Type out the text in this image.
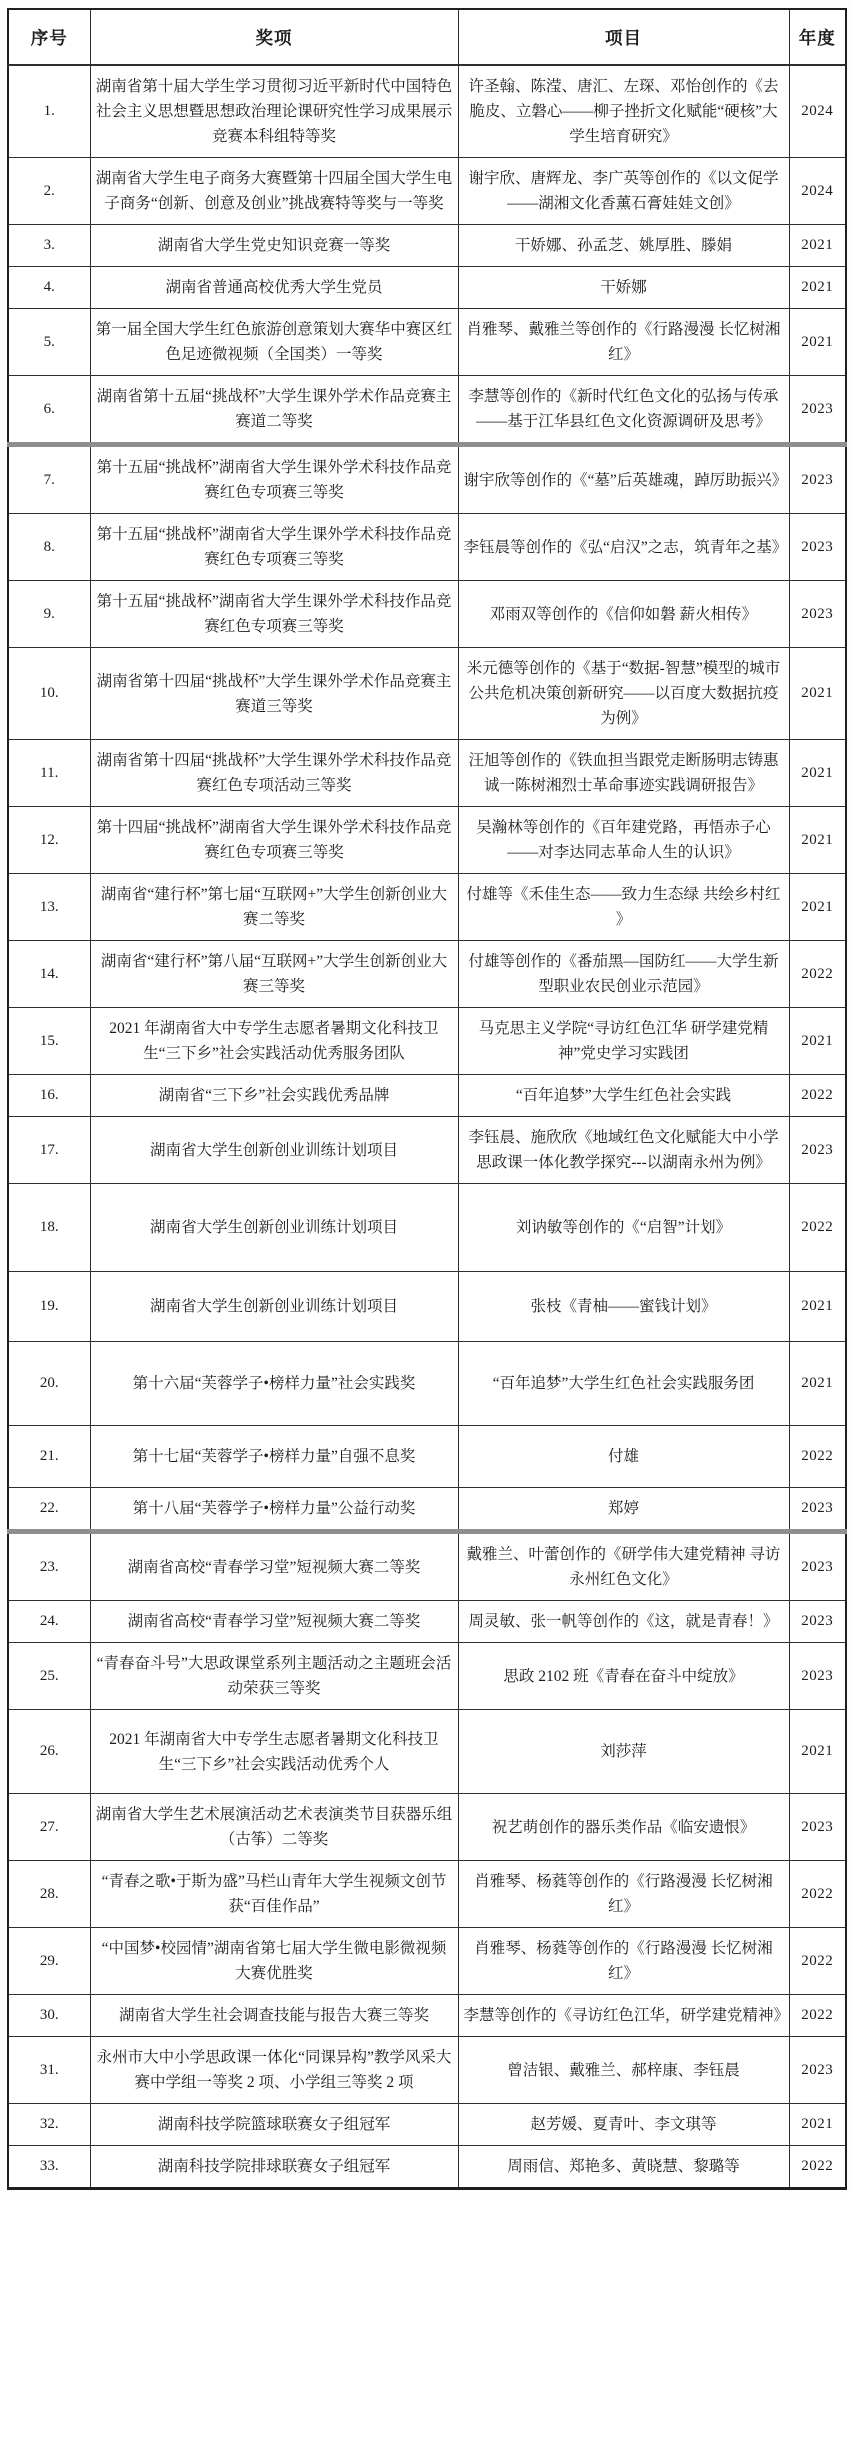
序号	奖项	项目	年度
1.	湖南省第十届大学生学习贯彻习近平新时代中国特色社会主义思想暨思想政治理论课研究性学习成果展示竞赛本科组特等奖	许圣翰、陈滢、唐汇、左琛、邓怡创作的《去脆皮、立磐心——柳子挫折文化赋能“硬核”大学生培育研究》	2024
2.	湖南省大学生电子商务大赛暨第十四届全国大学生电子商务“创新、创意及创业”挑战赛特等奖与一等奖	谢宇欣、唐辉龙、李广英等创作的《以文促学——湖湘文化香薰石膏娃娃文创》	2024
3.	湖南省大学生党史知识竞赛一等奖	干娇娜、孙孟芝、姚厚胜、滕娟	2021
4.	湖南省普通高校优秀大学生党员	干娇娜	2021
5.	第一届全国大学生红色旅游创意策划大赛华中赛区红色足迹微视频（全国类）一等奖	肖雅琴、戴雅兰等创作的《行路漫漫 长忆树湘红》	2021
6.	湖南省第十五届“挑战杯”大学生课外学术作品竞赛主赛道二等奖	李慧等创作的《新时代红色文化的弘扬与传承——基于江华县红色文化资源调研及思考》	2023
7.	第十五届“挑战杯”湖南省大学生课外学术科技作品竞赛红色专项赛三等奖	谢宇欣等创作的《“墓”后英雄魂，踔厉助振兴》	2023
8.	第十五届“挑战杯”湖南省大学生课外学术科技作品竞赛红色专项赛三等奖	李钰晨等创作的《弘“启汉”之志，筑青年之基》	2023
9.	第十五届“挑战杯”湖南省大学生课外学术科技作品竞赛红色专项赛三等奖	邓雨双等创作的《信仰如磐 薪火相传》	2023
10.	湖南省第十四届“挑战杯”大学生课外学术作品竞赛主赛道三等奖	米元德等创作的《基于“数据-智慧”模型的城市公共危机决策创新研究——以百度大数据抗疫为例》	2021
11.	湖南省第十四届“挑战杯”大学生课外学术科技作品竞赛红色专项活动三等奖	汪旭等创作的《铁血担当跟党走断肠明志铸惠诚一陈树湘烈士革命事迹实践调研报告》	2021
12.	第十四届“挑战杯”湖南省大学生课外学术科技作品竞赛红色专项赛三等奖	吴瀚林等创作的《百年建党路，再悟赤子心——对李达同志革命人生的认识》	2021
13.	湖南省“建行杯”第七届“互联网+”大学生创新创业大赛二等奖	付雄等《禾佳生态——致力生态绿 共绘乡村红 》	2021
14.	湖南省“建行杯”第八届“互联网+”大学生创新创业大赛三等奖	付雄等创作的《番茄黑—国防红——大学生新型职业农民创业示范园》	2022
15.	2021 年湖南省大中专学生志愿者暑期文化科技卫生“三下乡”社会实践活动优秀服务团队	马克思主义学院“寻访红色江华 研学建党精神”党史学习实践团	2021
16.	湖南省“三下乡”社会实践优秀品牌	“百年追梦”大学生红色社会实践	2022
17.	湖南省大学生创新创业训练计划项目	李钰晨、施欣欣《地域红色文化赋能大中小学思政课一体化教学探究---以湖南永州为例》	2023
18.	湖南省大学生创新创业训练计划项目	刘讷敏等创作的《“启智”计划》	2022
19.	湖南省大学生创新创业训练计划项目	张枝《青柚——蜜钱计划》	2021
20.	第十六届“芙蓉学子•榜样力量”社会实践奖	“百年追梦”大学生红色社会实践服务团	2021
21.	第十七届“芙蓉学子•榜样力量”自强不息奖	付雄	2022
22.	第十八届“芙蓉学子•榜样力量”公益行动奖	郑婷	2023
23.	湖南省高校“青春学习堂”短视频大赛二等奖	戴雅兰、叶蕾创作的《研学伟大建党精神 寻访永州红色文化》	2023
24.	湖南省高校“青春学习堂”短视频大赛二等奖	周灵敏、张一帆等创作的《这，就是青春！》	2023
25.	“青春奋斗号”大思政课堂系列主题活动之主题班会活动荣获三等奖	思政 2102 班《青春在奋斗中绽放》	2023
26.	2021 年湖南省大中专学生志愿者暑期文化科技卫生“三下乡”社会实践活动优秀个人	刘莎萍	2021
27.	湖南省大学生艺术展演活动艺术表演类节目获器乐组（古筝）二等奖	祝艺萌创作的器乐类作品《临安遗恨》	2023
28.	“青春之歌•于斯为盛”马栏山青年大学生视频文创节获“百佳作品”	肖雅琴、杨蕤等创作的《行路漫漫 长忆树湘红》	2022
29.	“中国梦•校园情”湖南省第七届大学生微电影微视频大赛优胜奖	肖雅琴、杨蕤等创作的《行路漫漫 长忆树湘红》	2022
30.	湖南省大学生社会调查技能与报告大赛三等奖	李慧等创作的《寻访红色江华，研学建党精神》	2022
31.	永州市大中小学思政课一体化“同课异构”教学风采大赛中学组一等奖 2 项、小学组三等奖 2 项	曾洁银、戴雅兰、郝梓康、李钰晨	2023
32.	湖南科技学院篮球联赛女子组冠军	赵芳媛、夏青叶、李文琪等	2021
33.	湖南科技学院排球联赛女子组冠军	周雨信、郑艳多、黄晓慧、黎璐等	2022
